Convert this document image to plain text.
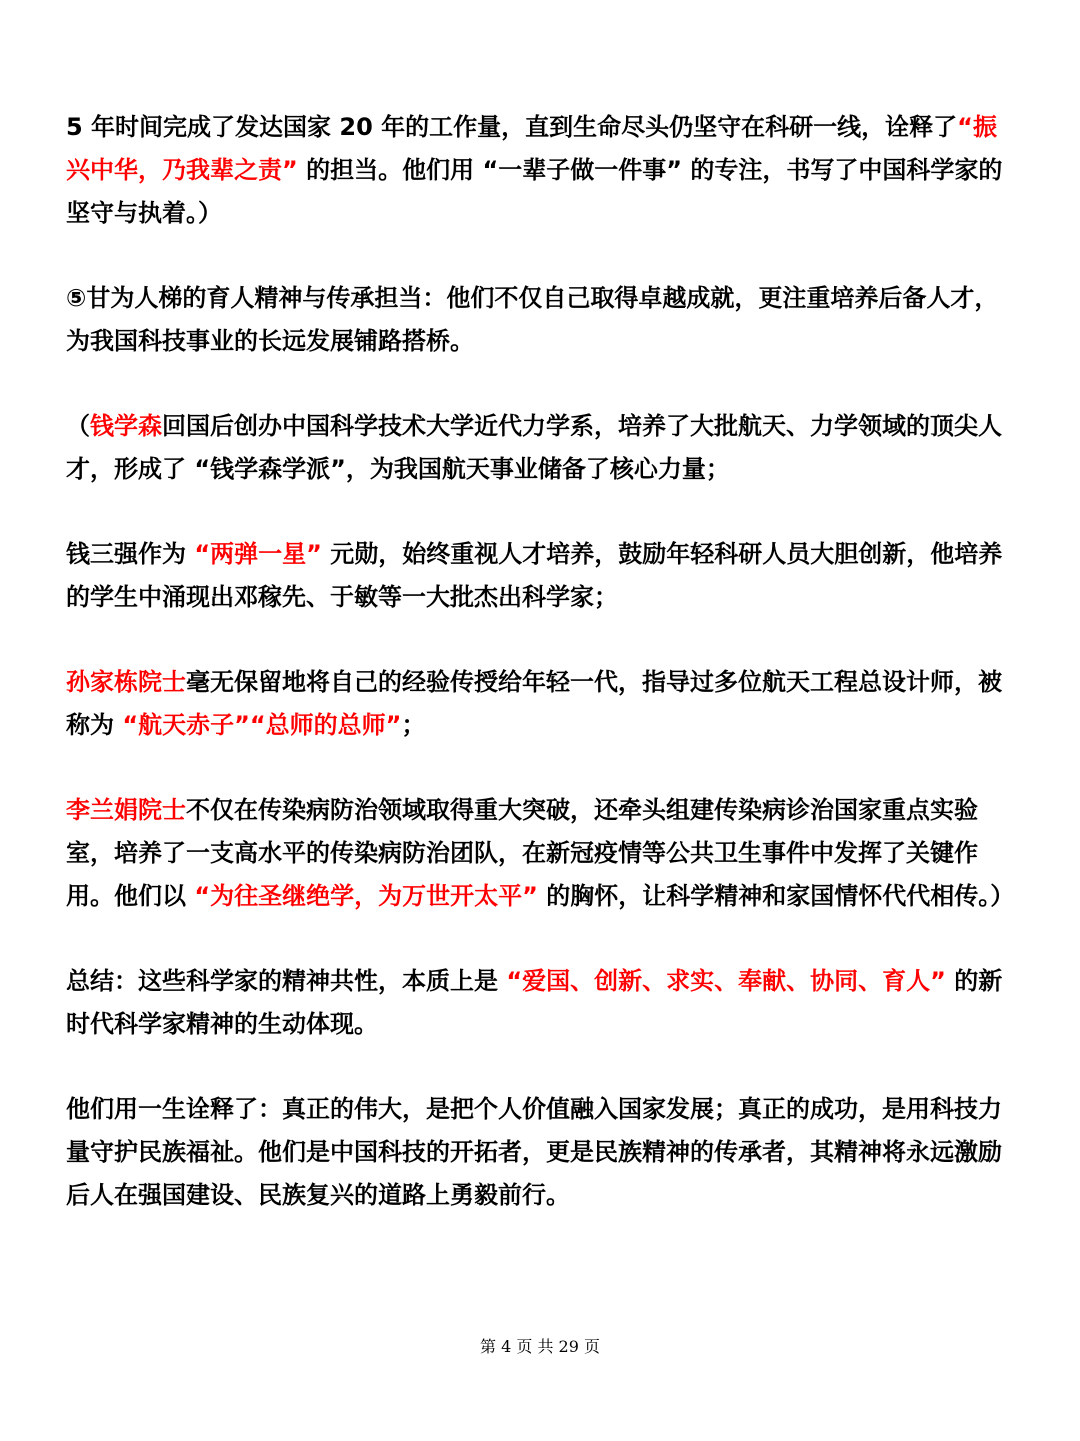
5 年时间完成了发达国家 20 年的工作量，直到生命尽头仍坚守在科研一线，诠释了“振兴中华，乃我辈之责” 的担当。他们用 “一辈子做一件事” 的专注，书写了中国科学家的坚守与执着。）

⑤甘为人梯的育人精神与传承担当：他们不仅自己取得卓越成就，更注重培养后备人才，为我国科技事业的长远发展铺路搭桥。

（钱学森回国后创办中国科学技术大学近代力学系，培养了大批航天、力学领域的顶尖人才，形成了 “钱学森学派”，为我国航天事业储备了核心力量；

钱三强作为 “两弹一星” 元勋，始终重视人才培养，鼓励年轻科研人员大胆创新，他培养的学生中涌现出邓稼先、于敏等一大批杰出科学家；

孙家栋院士毫无保留地将自己的经验传授给年轻一代，指导过多位航天工程总设计师，被称为 “航天赤子”“总师的总师”；

李兰娟院士不仅在传染病防治领域取得重大突破，还牵头组建传染病诊治国家重点实验室，培养了一支高水平的传染病防治团队，在新冠疫情等公共卫生事件中发挥了关键作用。他们以 “为往圣继绝学，为万世开太平” 的胸怀，让科学精神和家国情怀代代相传。）

总结：这些科学家的精神共性，本质上是 “爱国、创新、求实、奉献、协同、育人” 的新时代科学家精神的生动体现。

他们用一生诠释了：真正的伟大，是把个人价值融入国家发展；真正的成功，是用科技力量守护民族福祉。他们是中国科技的开拓者，更是民族精神的传承者，其精神将永远激励后人在强国建设、民族复兴的道路上勇毅前行。

第 4 页 共 29 页
